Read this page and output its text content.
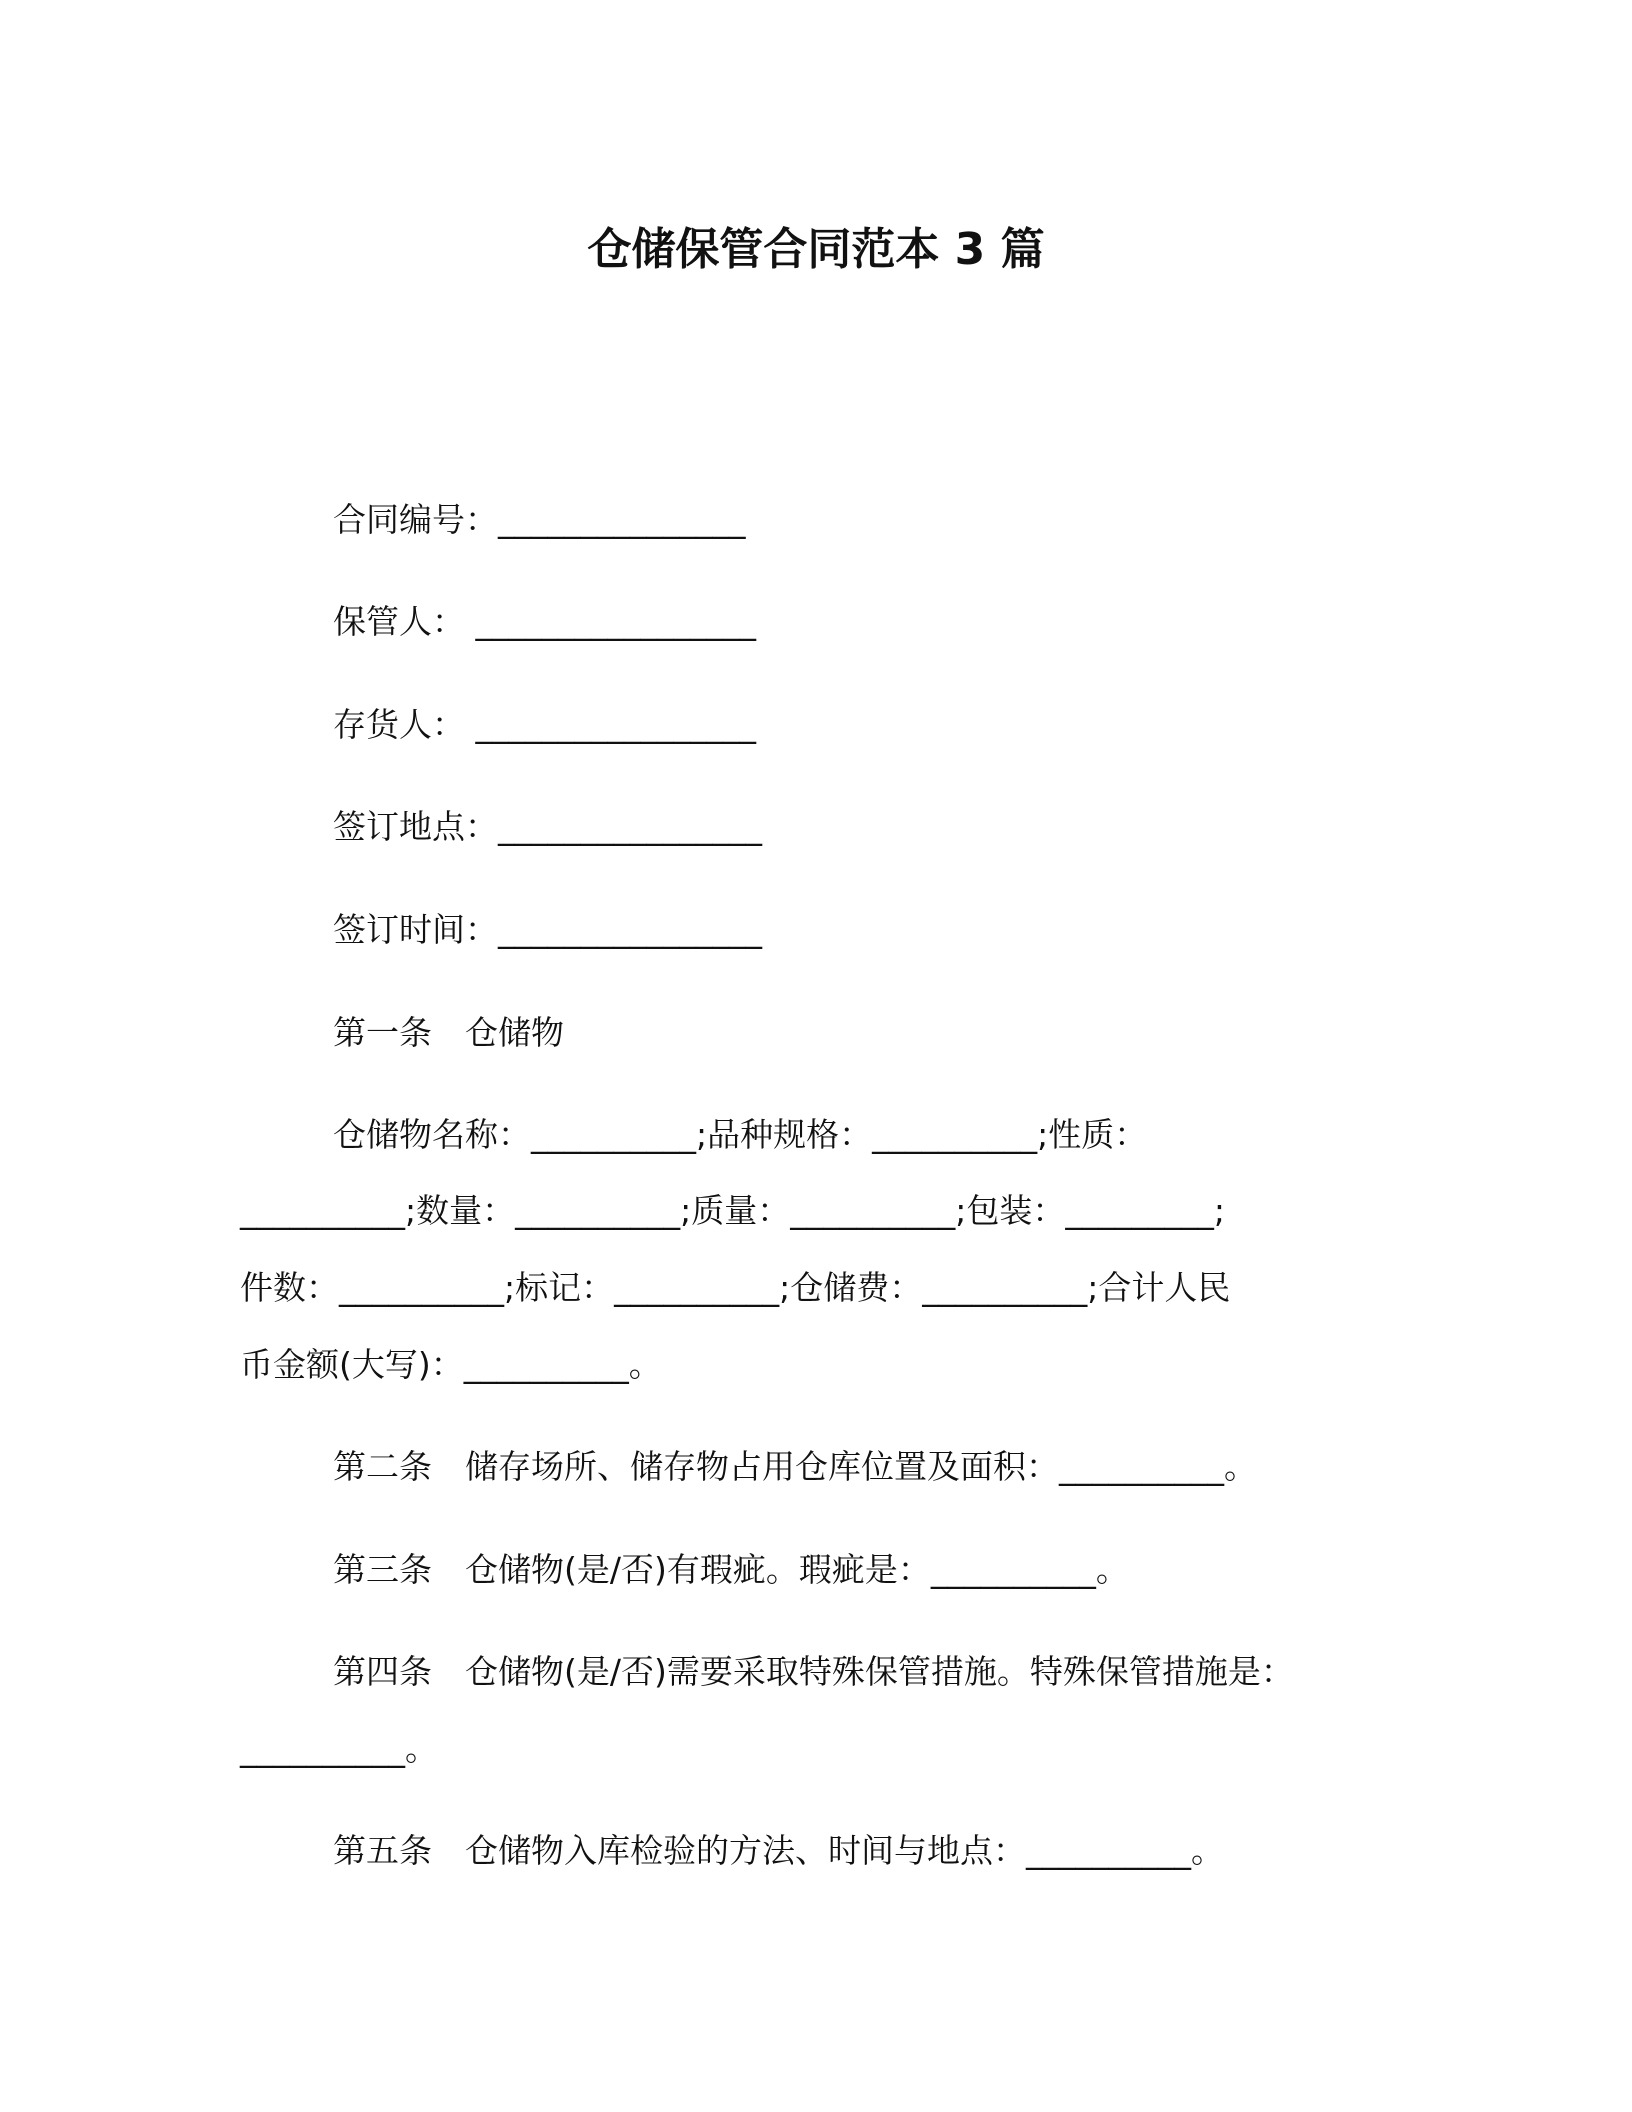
仓储保管合同范本 3 篇
合同编号：_______________
保管人： _________________
存货人： _________________
签订地点：________________
签订时间：________________
第一条　仓储物
仓储物名称：__________;品种规格：__________;性质：
__________;数量：__________;质量：__________;包装：_________;
件数：__________;标记：__________;仓储费：__________;合计人民
币金额(大写)：__________。
第二条　储存场所、储存物占用仓库位置及面积：__________。
第三条　仓储物(是/否)有瑕疵。瑕疵是：__________。
第四条　仓储物(是/否)需要采取特殊保管措施。特殊保管措施是：
__________。
第五条　仓储物入库检验的方法、时间与地点：__________。
